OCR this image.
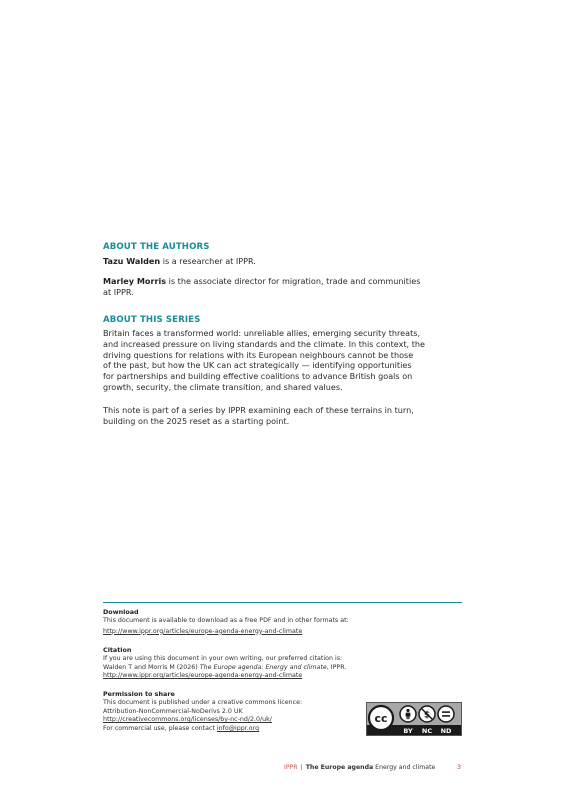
ABOUT THE AUTHORS

Tazu Walden is a researcher at IPPR.

Marley Morris is the associate director for migration, trade and communities
at IPPR.

ABOUT THIS SERIES

Britain faces a transformed world: unreliable allies, emerging security threats,
and increased pressure on living standards and the climate. In this context, the
driving questions for relations with its European neighbours cannot be those
of the past, but how the UK can act strategically — identifying opportunities
for partnerships and building effective coalitions to advance British goals on
growth, security, the climate transition, and shared values.

This note is part of a series by IPPR examining each of these terrains in turn,
building on the 2025 reset as a starting point.

Download

This document is available to download as a free PDF and in other formats at:
http://www.ippr.org/articles/europe-agenda-energy-and-climate

Citation

If you are using this document in your own writing, our preferred citation is:
Walden T and Morris M (2026) The Europe agenda: Energy and climate, IPPR.
http://www.ippr.org/articles/europe-agenda-energy-and-climate

Permission to share

This document is published under a creative commons licence:
Attribution-NonCommercial-NoDerivs 2.0 UK
http://creativecommons.org/licenses/by-nc-nd/2.0/uk/
For commercial use, please contact info@ippr.org

cc	$
BY NC ND

IPPR | The Europe agenda Energy and climate	3
